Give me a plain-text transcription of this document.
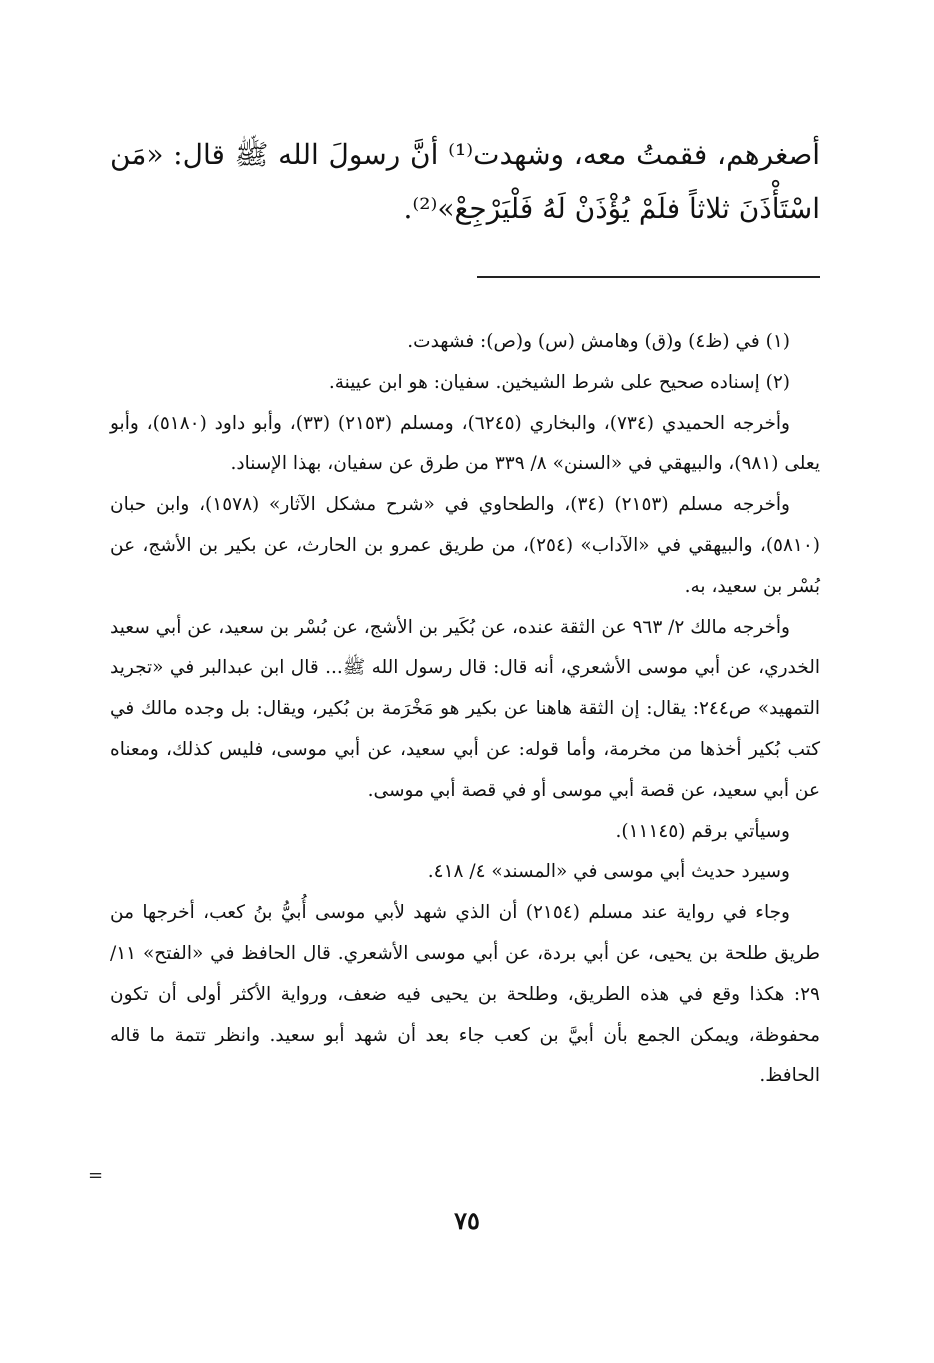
أصغرهم، فقمتُ معه، وشهدت⁽¹⁾ أنَّ رسولَ الله ﷺ قال: «مَن اسْتَأْذَنَ ثلاثاً فلَمْ يُؤْذَنْ لَهُ فَلْيَرْجِعْ»⁽²⁾.

(١) في (ظ٤) و(ق) وهامش (س) و(ص): فشهدت.

(٢) إسناده صحيح على شرط الشيخين. سفيان: هو ابن عيينة.

وأخرجه الحميدي (٧٣٤)، والبخاري (٦٢٤٥)، ومسلم (٢١٥٣) (٣٣)، وأبو داود (٥١٨٠)، وأبو يعلى (٩٨١)، والبيهقي في «السنن» ٨/ ٣٣٩ من طرق عن سفيان، بهذا الإسناد.

وأخرجه مسلم (٢١٥٣) (٣٤)، والطحاوي في «شرح مشكل الآثار» (١٥٧٨)، وابن حبان (٥٨١٠)، والبيهقي في «الآداب» (٢٥٤)، من طريق عمرو بن الحارث، عن بكير بن الأشج، عن بُسْر بن سعيد، به.

وأخرجه مالك ٢/ ٩٦٣ عن الثقة عنده، عن بُكَير بن الأشج، عن بُسْر بن سعيد، عن أبي سعيد الخدري، عن أبي موسى الأشعري، أنه قال: قال رسول الله ﷺ... قال ابن عبدالبر في «تجريد التمهيد» ص٢٤٤: يقال: إن الثقة هاهنا عن بكير هو مَخْرَمة بن بُكير، ويقال: بل وجده مالك في كتب بُكير أخذها من مخرمة، وأما قوله: عن أبي سعيد، عن أبي موسى، فليس كذلك، ومعناه عن أبي سعيد، عن قصة أبي موسى أو في قصة أبي موسى.

وسيأتي برقم (١١١٤٥).

وسيرد حديث أبي موسى في «المسند» ٤/ ٤١٨.

وجاء في رواية عند مسلم (٢١٥٤) أن الذي شهد لأبي موسى أُبيُّ بنُ كعب، أخرجها من طريق طلحة بن يحيى، عن أبي بردة، عن أبي موسى الأشعري. قال الحافظ في «الفتح» ١١/ ٢٩: هكذا وقع في هذه الطريق، وطلحة بن يحيى فيه ضعف، ورواية الأكثر أولى أن تكون محفوظة، ويمكن الجمع بأن أبيَّ بن كعب جاء بعد أن شهد أبو سعيد. وانظر تتمة ما قاله الحافظ.

=
٧٥
